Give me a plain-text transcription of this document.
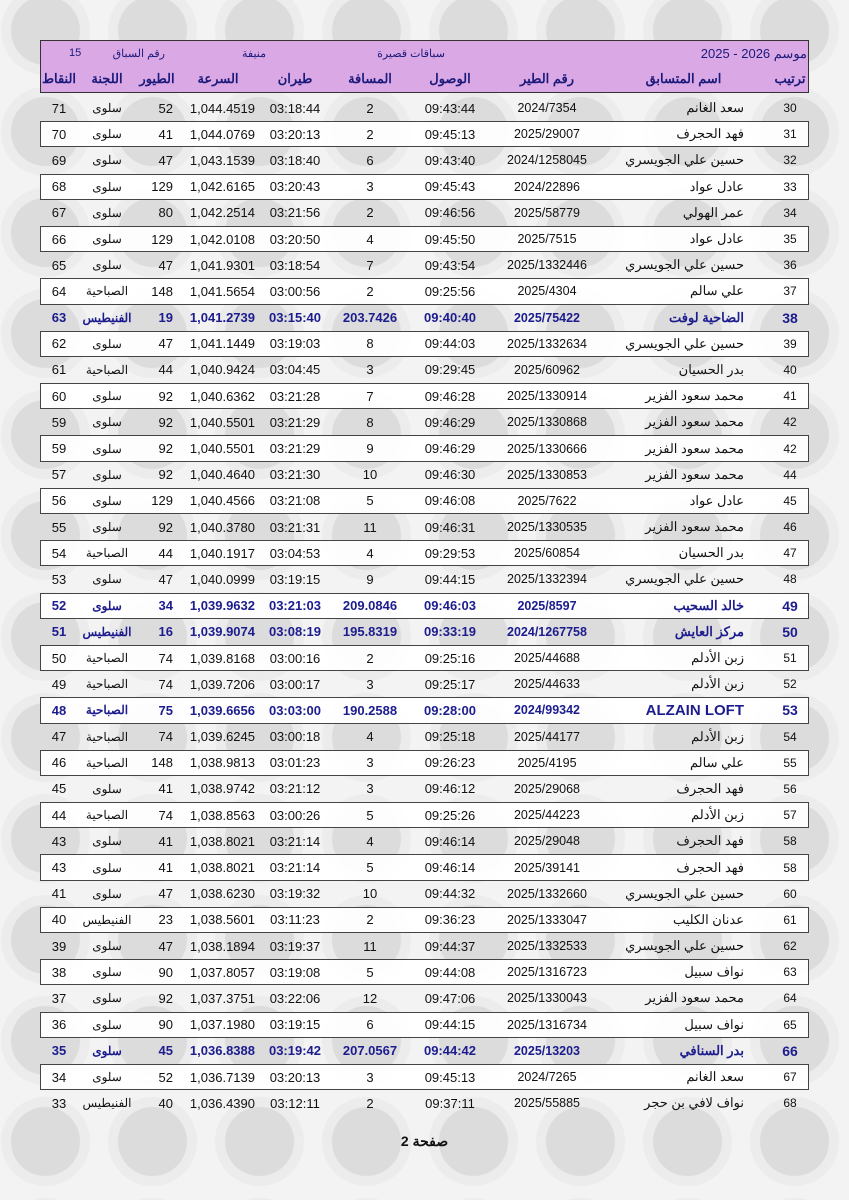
15	رقم السباق	منيفة	سباقات قصيرة	موسم 2026 - 2025
النقاط	اللجنة	الطيور	السرعة	طيران	المسافة	الوصول	رقم الطير	اسم المتسابق	ترتيب
71	سلوى	52	1,044.4519	03:18:44	2	09:43:44	2024/7354	سعد الغانم	30
70	سلوى	41	1,044.0769	03:20:13	2	09:45:13	2025/29007	فهد الحجرف	31
69	سلوى	47	1,043.1539	03:18:40	6	09:43:40	2024/1258045	حسين علي الجويسري	32
68	سلوى	129	1,042.6165	03:20:43	3	09:45:43	2024/22896	عادل عواد	33
67	سلوى	80	1,042.2514	03:21:56	2	09:46:56	2025/58779	عمر الهولي	34
66	سلوى	129	1,042.0108	03:20:50	4	09:45:50	2025/7515	عادل عواد	35
65	سلوى	47	1,041.9301	03:18:54	7	09:43:54	2025/1332446	حسين علي الجويسري	36
64	الصباحية	148	1,041.5654	03:00:56	2	09:25:56	2025/4304	علي سالم	37
63	الفنيطيس	19	1,041.2739	03:15:40	203.7426	09:40:40	2025/75422	الضاحية لوفت	38
62	سلوى	47	1,041.1449	03:19:03	8	09:44:03	2025/1332634	حسين علي الجويسري	39
61	الصباحية	44	1,040.9424	03:04:45	3	09:29:45	2025/60962	بدر الحسيان	40
60	سلوى	92	1,040.6362	03:21:28	7	09:46:28	2025/1330914	محمد سعود الفزير	41
59	سلوى	92	1,040.5501	03:21:29	8	09:46:29	2025/1330868	محمد سعود الفزير	42
59	سلوى	92	1,040.5501	03:21:29	9	09:46:29	2025/1330666	محمد سعود الفزير	42
57	سلوى	92	1,040.4640	03:21:30	10	09:46:30	2025/1330853	محمد سعود الفزير	44
56	سلوى	129	1,040.4566	03:21:08	5	09:46:08	2025/7622	عادل عواد	45
55	سلوى	92	1,040.3780	03:21:31	11	09:46:31	2025/1330535	محمد سعود الفزير	46
54	الصباحية	44	1,040.1917	03:04:53	4	09:29:53	2025/60854	بدر الحسيان	47
53	سلوى	47	1,040.0999	03:19:15	9	09:44:15	2025/1332394	حسين علي الجويسري	48
52	سلوى	34	1,039.9632	03:21:03	209.0846	09:46:03	2025/8597	خالد السحيب	49
51	الفنيطيس	16	1,039.9074	03:08:19	195.8319	09:33:19	2024/1267758	مركز العايش	50
50	الصباحية	74	1,039.8168	03:00:16	2	09:25:16	2025/44688	زبن الأدلم	51
49	الصباحية	74	1,039.7206	03:00:17	3	09:25:17	2025/44633	زبن الأدلم	52
48	الصباحية	75	1,039.6656	03:03:00	190.2588	09:28:00	2024/99342	ALZAIN LOFT	53
47	الصباحية	74	1,039.6245	03:00:18	4	09:25:18	2025/44177	زبن الأدلم	54
46	الصباحية	148	1,038.9813	03:01:23	3	09:26:23	2025/4195	علي سالم	55
45	سلوى	41	1,038.9742	03:21:12	3	09:46:12	2025/29068	فهد الحجرف	56
44	الصباحية	74	1,038.8563	03:00:26	5	09:25:26	2025/44223	زبن الأدلم	57
43	سلوى	41	1,038.8021	03:21:14	4	09:46:14	2025/29048	فهد الحجرف	58
43	سلوى	41	1,038.8021	03:21:14	5	09:46:14	2025/39141	فهد الحجرف	58
41	سلوى	47	1,038.6230	03:19:32	10	09:44:32	2025/1332660	حسين علي الجويسري	60
40	الفنيطيس	23	1,038.5601	03:11:23	2	09:36:23	2025/1333047	عدنان الكليب	61
39	سلوى	47	1,038.1894	03:19:37	11	09:44:37	2025/1332533	حسين علي الجويسري	62
38	سلوى	90	1,037.8057	03:19:08	5	09:44:08	2025/1316723	نواف سبيل	63
37	سلوى	92	1,037.3751	03:22:06	12	09:47:06	2025/1330043	محمد سعود الفزير	64
36	سلوى	90	1,037.1980	03:19:15	6	09:44:15	2025/1316734	نواف سبيل	65
35	سلوى	45	1,036.8388	03:19:42	207.0567	09:44:42	2025/13203	بدر السنافي	66
34	سلوى	52	1,036.7139	03:20:13	3	09:45:13	2024/7265	سعد الغانم	67
33	الفنيطيس	40	1,036.4390	03:12:11	2	09:37:11	2025/55885	نواف لافي بن حجر	68
صفحة 2
